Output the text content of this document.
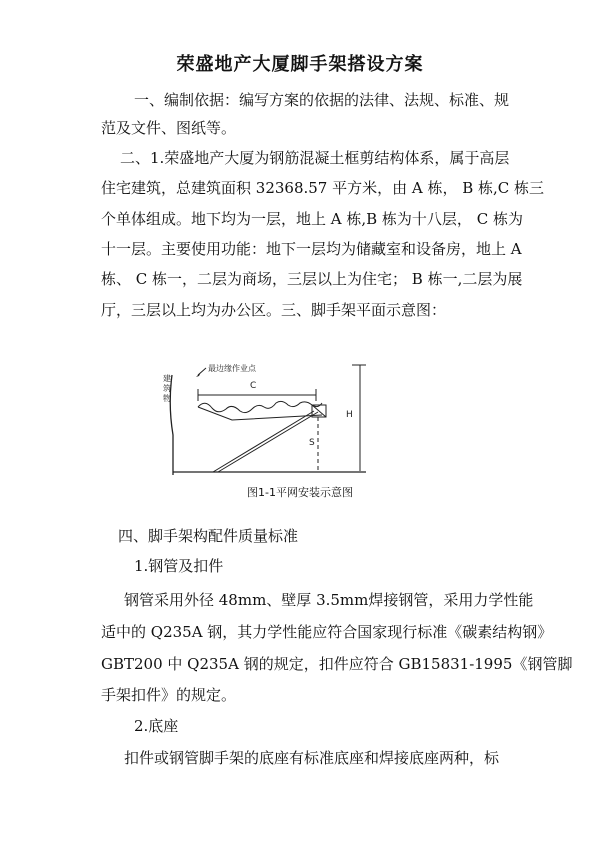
荣盛地产大厦脚手架搭设方案
一、编制依据：编写方案的依据的法律、法规、标准、规
范及文件、图纸等。
二、1.荣盛地产大厦为钢筋混凝土框剪结构体系，属于高层
住宅建筑，总建筑面积 32368.57 平方米，由 A 栋， B 栋,C 栋三
个单体组成。地下均为一层，地上 A 栋,B 栋为十八层， C 栋为
十一层。主要使用功能：地下一层均为储藏室和设备房，地上 A
栋、 C 栋一，二层为商场，三层以上为住宅； B 栋一,二层为展
厅，三层以上均为办公区。三、脚手架平面示意图：
建
筑
物
最边缘作业点
C
S
H
图1-1平网安装示意图
四、脚手架构配件质量标准
1.钢管及扣件
钢管采用外径 48mm、壁厚 3.5mm焊接钢管，采用力学性能
适中的 Q235A 钢，其力学性能应符合国家现行标准《碳素结构钢》
GBT200 中 Q235A 钢的规定，扣件应符合 GB15831-1995《钢管脚
手架扣件》的规定。
2.底座
扣件或钢管脚手架的底座有标准底座和焊接底座两种，标
